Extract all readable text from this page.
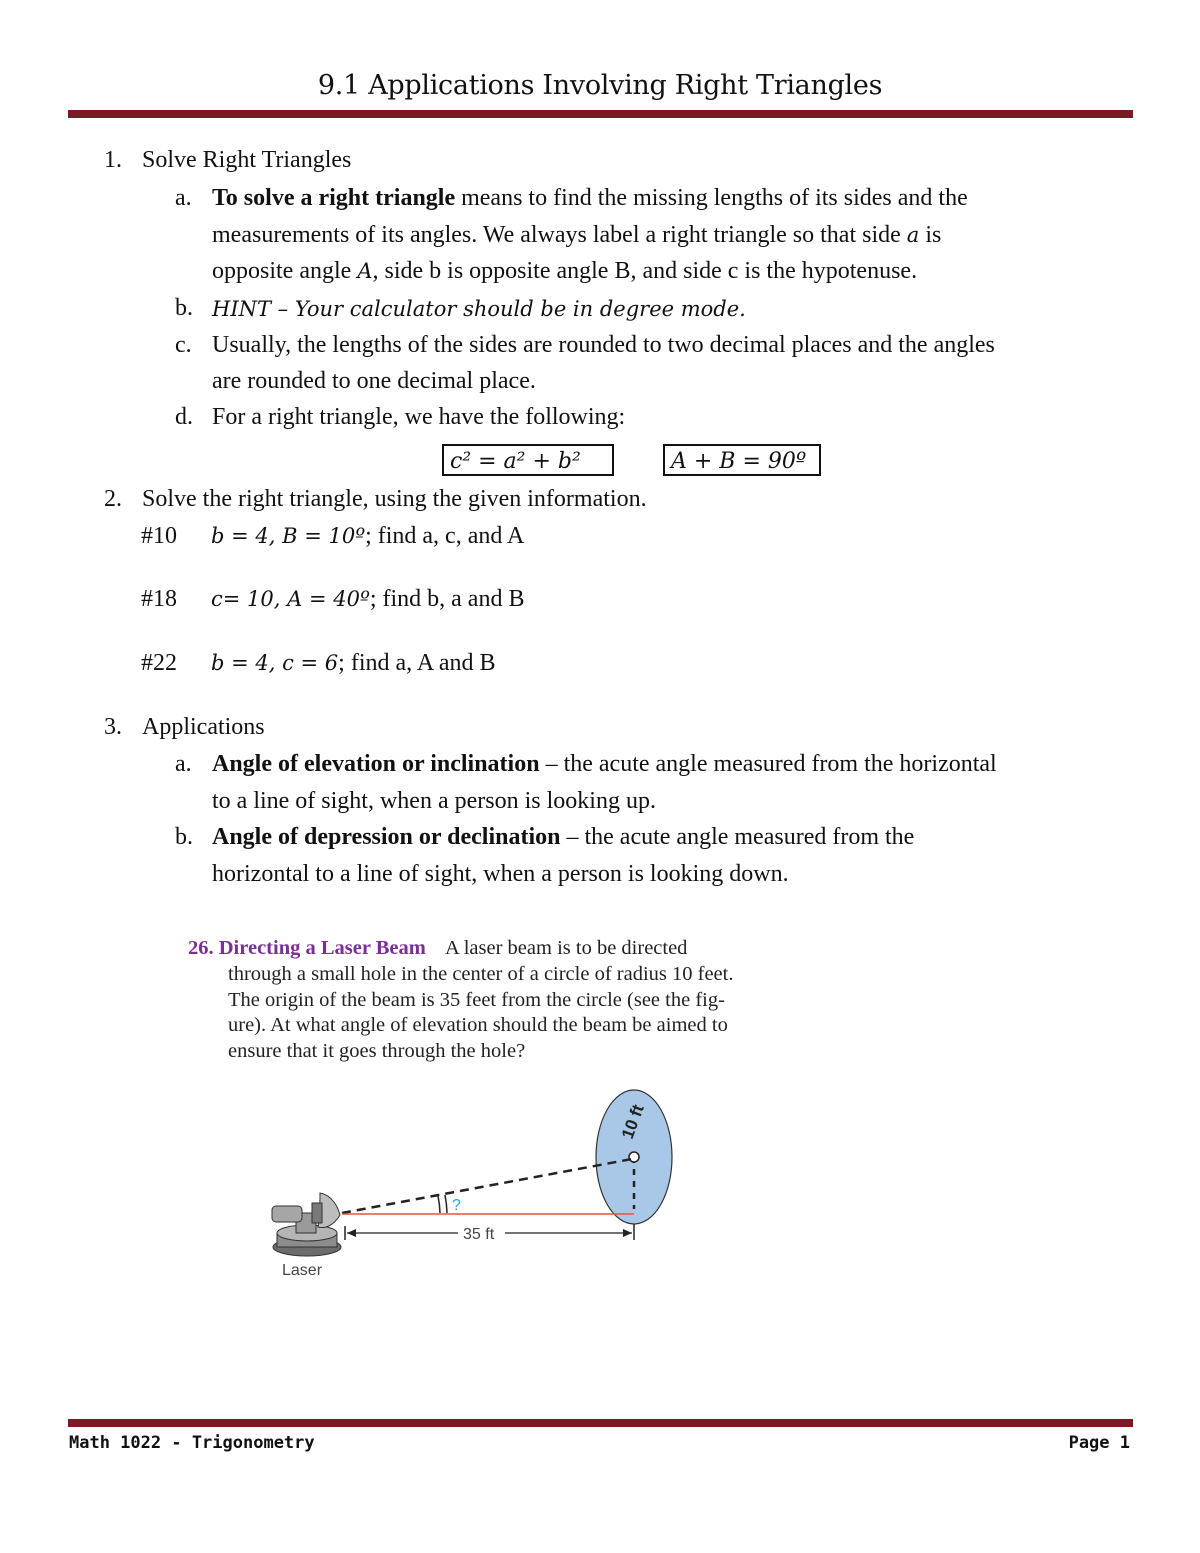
9.1 Applications Involving Right Triangles
1. Solve Right Triangles
a. To solve a right triangle means to find the missing lengths of its sides and the
measurements of its angles. We always label a right triangle so that side a is
opposite angle A, side b is opposite angle B, and side c is the hypotenuse.
b. HINT – Your calculator should be in degree mode.
c. Usually, the lengths of the sides are rounded to two decimal places and the angles
are rounded to one decimal place.
d. For a right triangle, we have the following:
c² = a² + b²	A + B = 90º
2. Solve the right triangle, using the given information.
#10 b = 4, B = 10º; find a, c, and A
#18 c= 10, A = 40º; find b, a and B
#22 b = 4, c = 6; find a, A and B
3. Applications
a. Angle of elevation or inclination – the acute angle measured from the horizontal
to a line of sight, when a person is looking up.
b. Angle of depression or declination – the acute angle measured from the
horizontal to a line of sight, when a person is looking down.
26. Directing a Laser Beam A laser beam is to be directed
through a small hole in the center of a circle of radius 10 feet.
The origin of the beam is 35 feet from the circle (see the fig-
ure). At what angle of elevation should the beam be aimed to
ensure that it goes through the hole?
10 ft
?
35 ft
Laser
Math 1022 - Trigonometry	Page 1
